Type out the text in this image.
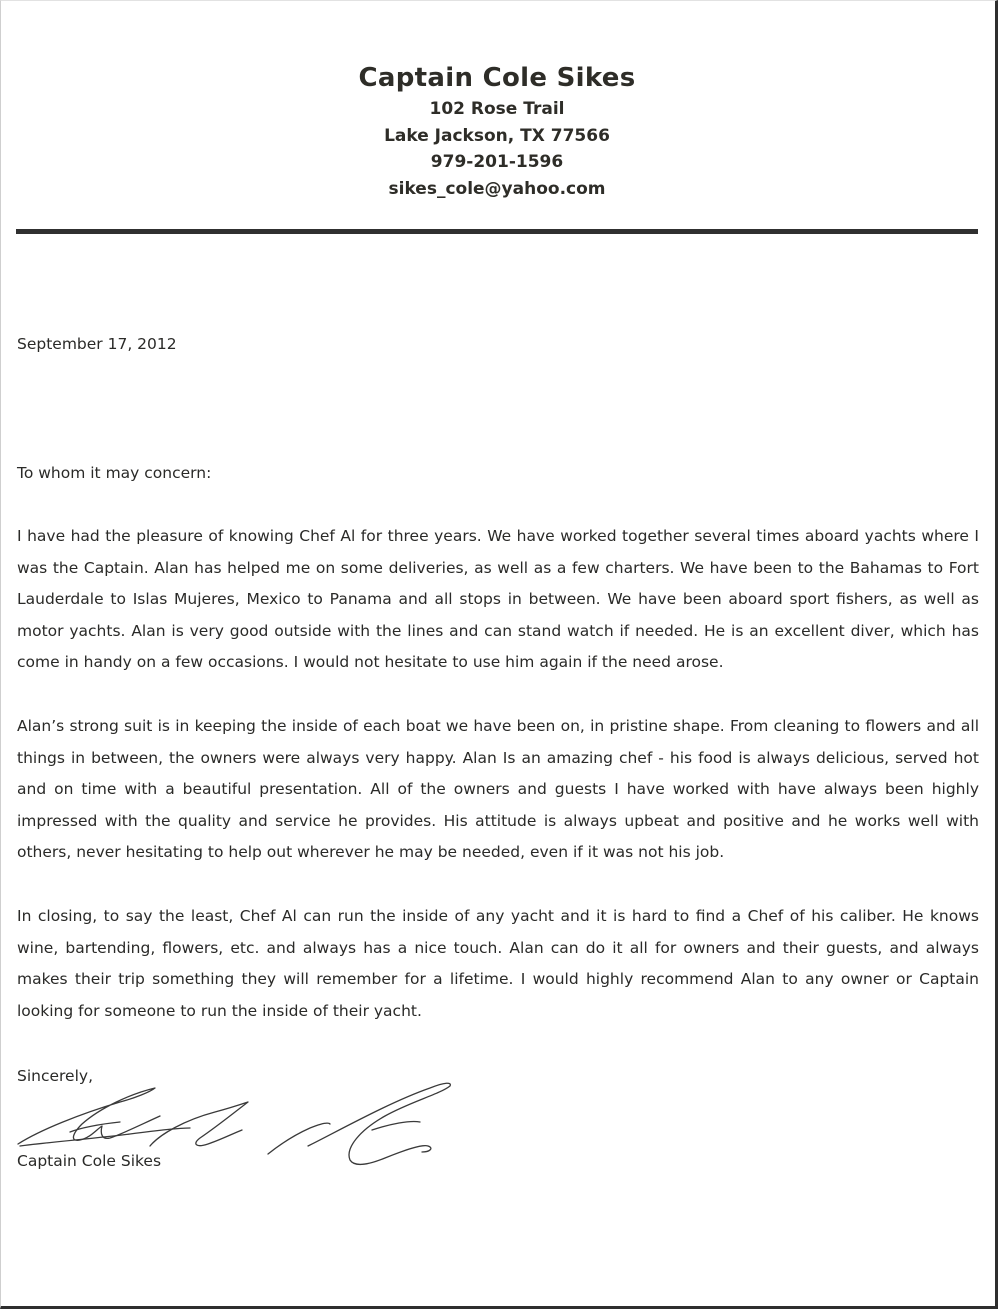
Captain Cole Sikes
102 Rose Trail
Lake Jackson, TX 77566
979-201-1596
sikes_cole@yahoo.com
September 17, 2012
To whom it may concern:

I have had the pleasure of knowing Chef Al for three years. We have worked together several times aboard yachts where I was the Captain. Alan has helped me on some deliveries, as well as a few charters. We have been to the Bahamas to Fort Lauderdale to Islas Mujeres, Mexico to Panama and all stops in between. We have been aboard sport fishers, as well as motor yachts. Alan is very good outside with the lines and can stand watch if needed. He is an excellent diver, which has come in handy on a few occasions. I would not hesitate to use him again if the need arose.

Alan’s strong suit is in keeping the inside of each boat we have been on, in pristine shape. From cleaning to flowers and all things in between, the owners were always very happy. Alan Is an amazing chef - his food is always delicious, served hot and on time with a beautiful presentation. All of the owners and guests I have worked with have always been highly impressed with the quality and service he provides. His attitude is always upbeat and positive and he works well with others, never hesitating to help out wherever he may be needed, even if it was not his job.

In closing, to say the least, Chef Al can run the inside of any yacht and it is hard to find a Chef of his caliber. He knows wine, bartending, flowers, etc. and always has a nice touch. Alan can do it all for owners and their guests, and always makes their trip something they will remember for a lifetime. I would highly recommend Alan to any owner or Captain looking for someone to run the inside of their yacht.

Sincerely,
Captain Cole Sikes
